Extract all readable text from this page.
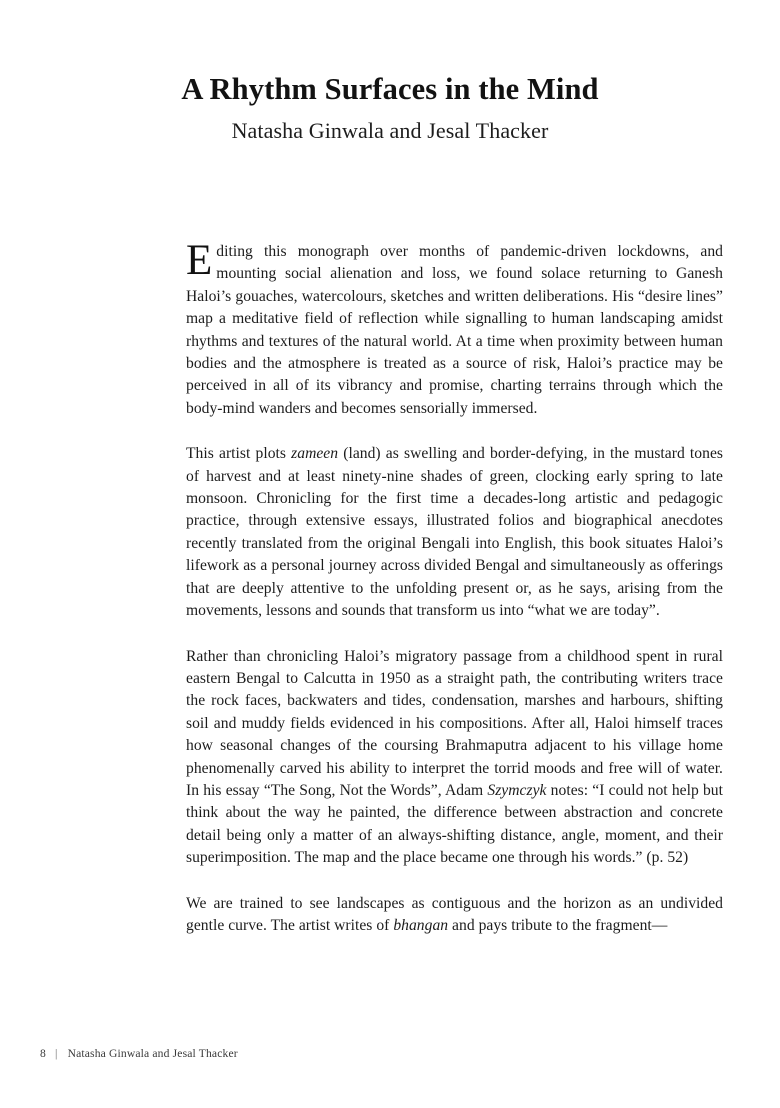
A Rhythm Surfaces in the Mind
Natasha Ginwala and Jesal Thacker

Editing this monograph over months of pandemic-driven lockdowns, and mounting social alienation and loss, we found solace returning to Ganesh Haloi’s gouaches, watercolours, sketches and written deliberations. His “desire lines” map a meditative field of reflection while signalling to human landscaping amidst rhythms and textures of the natural world. At a time when proximity between human bodies and the atmosphere is treated as a source of risk, Haloi’s practice may be perceived in all of its vibrancy and promise, charting terrains through which the body-mind wanders and becomes sensorially immersed.

This artist plots zameen (land) as swelling and border-defying, in the mustard tones of harvest and at least ninety-nine shades of green, clocking early spring to late monsoon. Chronicling for the first time a decades-long artistic and pedagogic practice, through extensive essays, illustrated folios and biographical anecdotes recently translated from the original Bengali into English, this book situates Haloi’s lifework as a personal journey across divided Bengal and simultaneously as offerings that are deeply attentive to the unfolding present or, as he says, arising from the movements, lessons and sounds that transform us into “what we are today”.

Rather than chronicling Haloi’s migratory passage from a childhood spent in rural eastern Bengal to Calcutta in 1950 as a straight path, the contributing writers trace the rock faces, backwaters and tides, condensation, marshes and harbours, shifting soil and muddy fields evidenced in his compositions. After all, Haloi himself traces how seasonal changes of the coursing Brahmaputra adjacent to his village home phenomenally carved his ability to interpret the torrid moods and free will of water. In his essay “The Song, Not the Words”, Adam Szymczyk notes: “I could not help but think about the way he painted, the difference between abstraction and concrete detail being only a matter of an always-shifting distance, angle, moment, and their superimposition. The map and the place became one through his words.” (p. 52)

We are trained to see landscapes as contiguous and the horizon as an undivided gentle curve. The artist writes of bhangan and pays tribute to the fragment—

8 | Natasha Ginwala and Jesal Thacker
